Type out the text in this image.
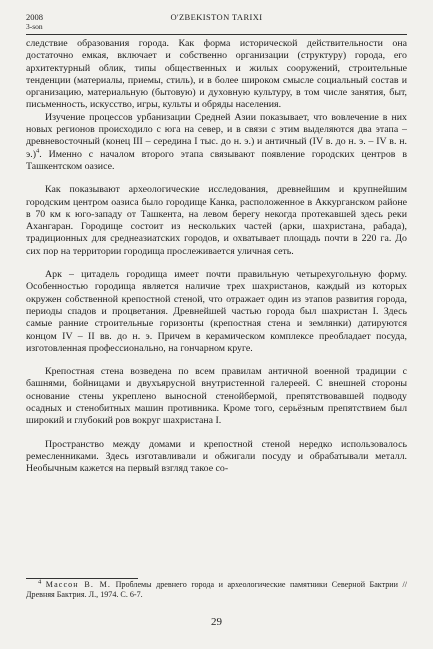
2008
3-son
O'ZBEKISTON TARIXI

следствие образования города. Как форма исторической действительности она достаточно емкая, включает и собственно организации (структуру) города, его архитектурный облик, типы общественных и жилых сооружений, строительные тенденции (материалы, приемы, стиль), и в более широком смысле социальный состав и организацию, материальную (бытовую) и духовную культуру, в том числе занятия, быт, письменность, искусство, игры, культы и обряды населения.

Изучение процессов урбанизации Средней Азии показывает, что вовлечение в них новых регионов происходило с юга на север, и в связи с этим выделяются два этапа – древневосточный (конец III – середина I тыс. до н. э.) и античный (IV в. до н. э. – IV в. н. э.)$^4$. Именно с началом второго этапа связывают появление городских центров в Ташкентском оазисе.

Как показывают археологические исследования, древнейшим и крупнейшим городским центром оазиса было городище Канка, расположенное в Аккурганском районе в 70 км к юго-западу от Ташкента, на левом берегу некогда протекавшей здесь реки Ахангаран. Городище состоит из нескольких частей (арки, шахристана, рабада), традиционных для среднеазиатских городов, и охватывает площадь почти в 220 га. До сих пор на территории городища прослеживается уличная сеть.

Арк – цитадель городища имеет почти правильную четырехугольную форму. Особенностью городища является наличие трех шахристанов, каждый из которых окружен собственной крепостной стеной, что отражает один из этапов развития города, периоды спадов и процветания. Древнейшей частью города был шахристан I. Здесь самые ранние строительные горизонты (крепостная стена и землянки) датируются концом IV – II вв. до н. э. Причем в керамическом комплексе преобладает посуда, изготовленная профессионально, на гончарном круге.

Крепостная стена возведена по всем правилам античной военной традиции с башнями, бойницами и двухъярусной внутристенной галереей. С внешней стороны основание стены укреплено выносной стенойбермой, препятствовавшей подводу осадных и стенобитных машин противника. Кроме того, серьёзным препятствием был широкий и глубокий ров вокруг шахристана I.

Пространство между домами и крепостной стеной нередко использовалось ремесленниками. Здесь изготавливали и обжигали посуду и обрабатывали металл. Необычным кажется на первый взгляд такое со-

$^4$ Массон В. М. Проблемы древнего города и археологические памятники Северной Бактрии // Древняя Бактрия. Л., 1974. С. 6-7.
29
